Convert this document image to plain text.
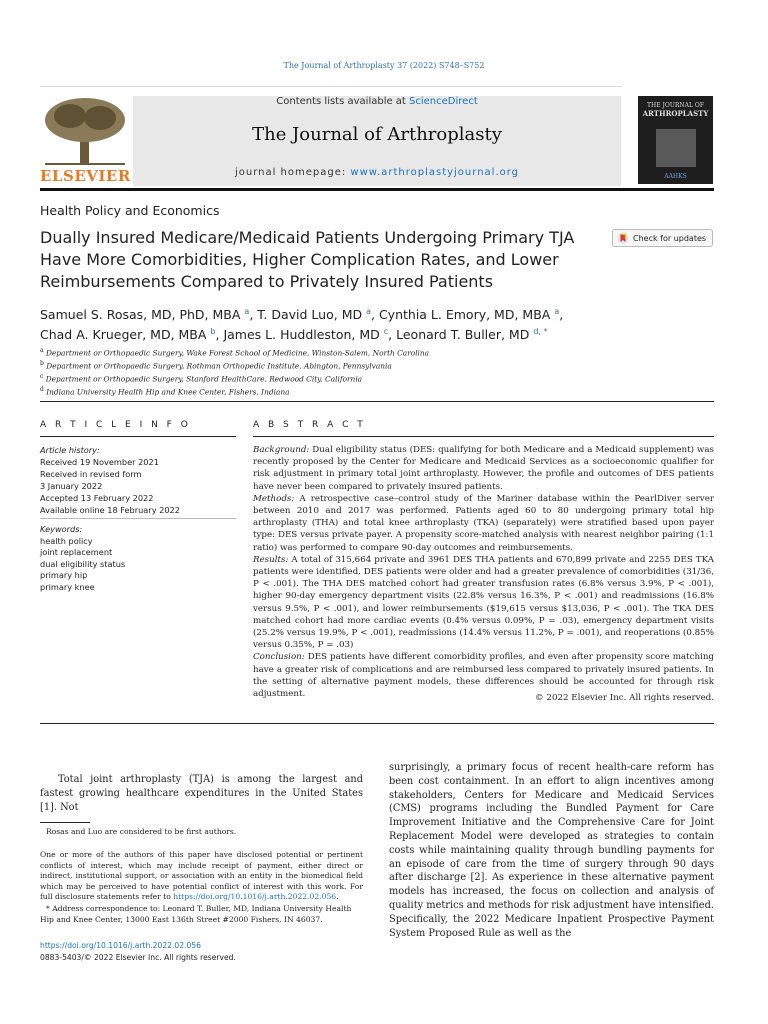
The Journal of Arthroplasty 37 (2022) S748–S752
ELSEVIER
Contents lists available at ScienceDirect
The Journal of Arthroplasty
journal homepage: www.arthroplastyjournal.org
THE JOURNAL OF
ARTHROPLASTY
AAHKS
Health Policy and Economics
Dually Insured Medicare/Medicaid Patients Undergoing Primary TJA Have More Comorbidities, Higher Complication Rates, and Lower Reimbursements Compared to Privately Insured Patients
Check for updates
Samuel S. Rosas, MD, PhD, MBA $^a$, T. David Luo, MD $^a$, Cynthia L. Emory, MD, MBA $^a$,
Chad A. Krueger, MD, MBA $^b$, James L. Huddleston, MD $^c$, Leonard T. Buller, MD $^{d, *}$
$^a$ Department or Orthopaedic Surgery, Wake Forest School of Medicine, Winston-Salem, North Carolina
$^b$ Department or Orthopaedic Surgery, Rothman Orthopedic Institute, Abington, Pennsylvania
$^c$ Department or Orthopaedic Surgery, Stanford HealthCare, Redwood City, California
$^d$ Indiana University Health Hip and Knee Center, Fishers, Indiana
A R T I C L E I N F O	A B S T R A C T
Article history:
Received 19 November 2021
Received in revised form
3 January 2022
Accepted 13 February 2022
Available online 18 February 2022
Keywords:
health policy
joint replacement
dual eligibility status
primary hip
primary knee
Background: Dual eligibility status (DES: qualifying for both Medicare and a Medicaid supplement) was recently proposed by the Center for Medicare and Medicaid Services as a socioeconomic qualifier for risk adjustment in primary total joint arthroplasty. However, the profile and outcomes of DES patients have never been compared to privately insured patients.
Methods: A retrospective case–control study of the Mariner database within the PearlDiver server between 2010 and 2017 was performed. Patients aged 60 to 80 undergoing primary total hip arthroplasty (THA) and total knee arthroplasty (TKA) (separately) were stratified based upon payer type: DES versus private payer. A propensity score-matched analysis with nearest neighbor pairing (1:1 ratio) was performed to compare 90-day outcomes and reimbursements.
Results: A total of 315,664 private and 3961 DES THA patients and 670,899 private and 2255 DES TKA patients were identified. DES patients were older and had a greater prevalence of comorbidities (31/36, P < .001). The THA DES matched cohort had greater transfusion rates (6.8% versus 3.9%, P < .001), higher 90-day emergency department visits (22.8% versus 16.3%, P < .001) and readmissions (16.8% versus 9.5%, P < .001), and lower reimbursements ($19,615 versus $13,036, P < .001). The TKA DES matched cohort had more cardiac events (0.4% versus 0.09%, P = .03), emergency department visits (25.2% versus 19.9%, P < .001), readmissions (14.4% versus 11.2%, P = .001), and reoperations (0.85% versus 0.35%, P = .03)
Conclusion: DES patients have different comorbidity profiles, and even after propensity score matching have a greater risk of complications and are reimbursed less compared to privately insured patients. In the setting of alternative payment models, these differences should be accounted for through risk adjustment.	© 2022 Elsevier Inc. All rights reserved.
Total joint arthroplasty (TJA) is among the largest and fastest growing healthcare expenditures in the United States [1]. Not
surprisingly, a primary focus of recent health-care reform has been cost containment. In an effort to align incentives among stakeholders, Centers for Medicare and Medicaid Services (CMS) programs including the Bundled Payment for Care Improvement Initiative and the Comprehensive Care for Joint Replacement Model were developed as strategies to contain costs while maintaining quality through bundling payments for an episode of care from the time of surgery through 90 days after discharge [2]. As experience in these alternative payment models has increased, the focus on collection and analysis of quality metrics and methods for risk adjustment have intensified. Specifically, the 2022 Medicare Inpatient Prospective Payment System Proposed Rule as well as the
Rosas and Luo are considered to be first authors.
One or more of the authors of this paper have disclosed potential or pertinent conflicts of interest, which may include receipt of payment, either direct or indirect, institutional support, or association with an entity in the biomedical field which may be perceived to have potential conflict of interest with this work. For full disclosure statements refer to https://doi.org/10.1016/j.arth.2022.02.056.
* Address correspondence to: Leonard T. Buller, MD, Indiana University Health Hip and Knee Center, 13000 East 136th Street #2000 Fishers, IN 46037.
https://doi.org/10.1016/j.arth.2022.02.056
0883-5403/© 2022 Elsevier Inc. All rights reserved.
